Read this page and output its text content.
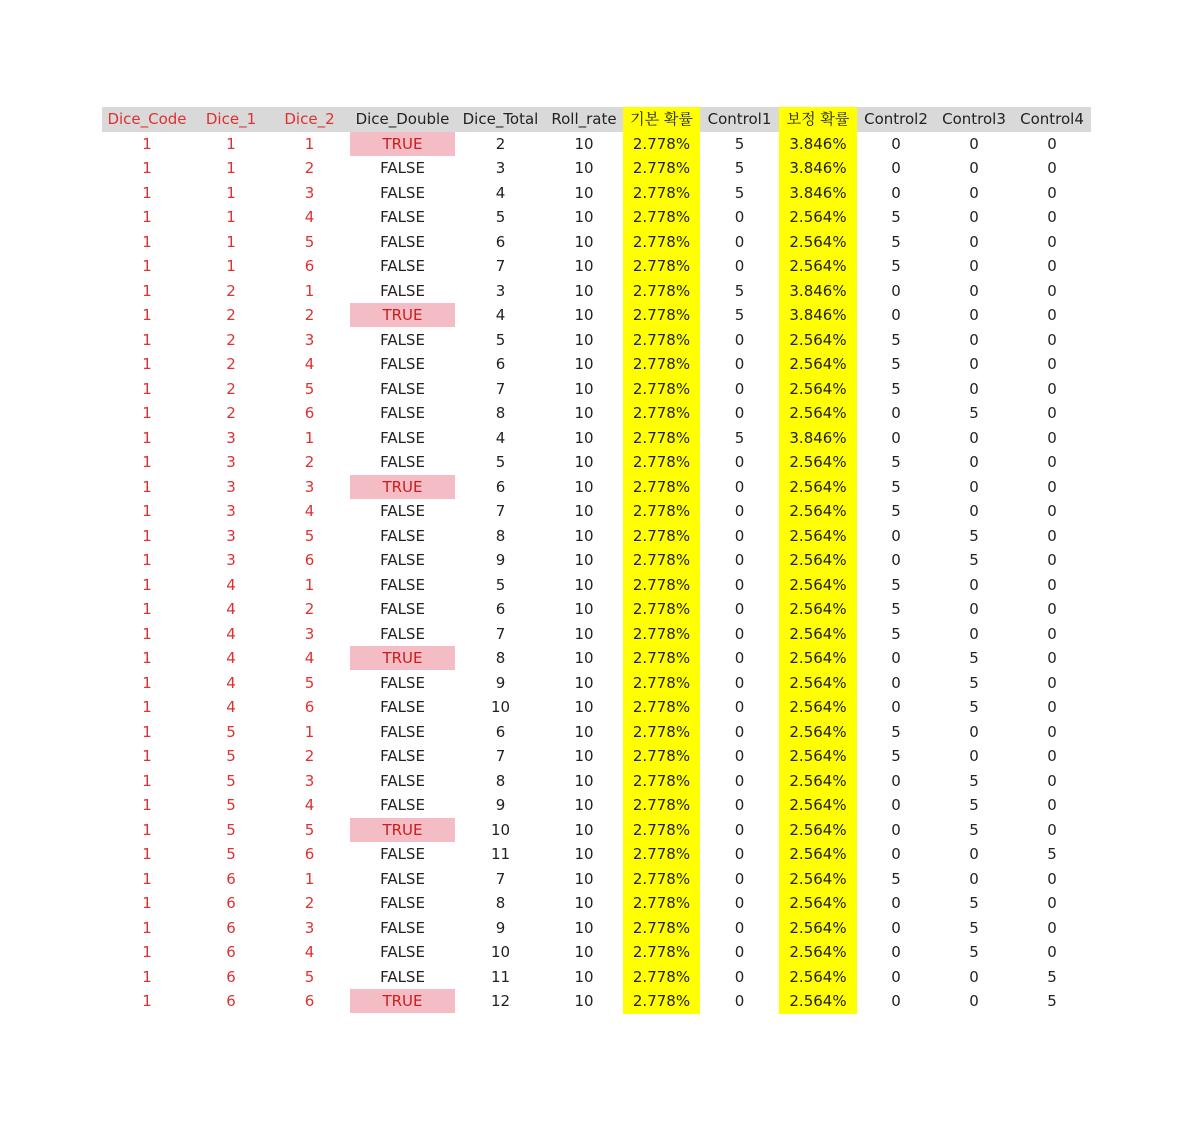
Dice_Code	Dice_1	Dice_2	Dice_Double	Dice_Total	Roll_rate	기본 확률	Control1	보정 확률	Control2	Control3	Control4
1	1	1	TRUE	2	10	2.778%	5	3.846%	0	0	0
1	1	2	FALSE	3	10	2.778%	5	3.846%	0	0	0
1	1	3	FALSE	4	10	2.778%	5	3.846%	0	0	0
1	1	4	FALSE	5	10	2.778%	0	2.564%	5	0	0
1	1	5	FALSE	6	10	2.778%	0	2.564%	5	0	0
1	1	6	FALSE	7	10	2.778%	0	2.564%	5	0	0
1	2	1	FALSE	3	10	2.778%	5	3.846%	0	0	0
1	2	2	TRUE	4	10	2.778%	5	3.846%	0	0	0
1	2	3	FALSE	5	10	2.778%	0	2.564%	5	0	0
1	2	4	FALSE	6	10	2.778%	0	2.564%	5	0	0
1	2	5	FALSE	7	10	2.778%	0	2.564%	5	0	0
1	2	6	FALSE	8	10	2.778%	0	2.564%	0	5	0
1	3	1	FALSE	4	10	2.778%	5	3.846%	0	0	0
1	3	2	FALSE	5	10	2.778%	0	2.564%	5	0	0
1	3	3	TRUE	6	10	2.778%	0	2.564%	5	0	0
1	3	4	FALSE	7	10	2.778%	0	2.564%	5	0	0
1	3	5	FALSE	8	10	2.778%	0	2.564%	0	5	0
1	3	6	FALSE	9	10	2.778%	0	2.564%	0	5	0
1	4	1	FALSE	5	10	2.778%	0	2.564%	5	0	0
1	4	2	FALSE	6	10	2.778%	0	2.564%	5	0	0
1	4	3	FALSE	7	10	2.778%	0	2.564%	5	0	0
1	4	4	TRUE	8	10	2.778%	0	2.564%	0	5	0
1	4	5	FALSE	9	10	2.778%	0	2.564%	0	5	0
1	4	6	FALSE	10	10	2.778%	0	2.564%	0	5	0
1	5	1	FALSE	6	10	2.778%	0	2.564%	5	0	0
1	5	2	FALSE	7	10	2.778%	0	2.564%	5	0	0
1	5	3	FALSE	8	10	2.778%	0	2.564%	0	5	0
1	5	4	FALSE	9	10	2.778%	0	2.564%	0	5	0
1	5	5	TRUE	10	10	2.778%	0	2.564%	0	5	0
1	5	6	FALSE	11	10	2.778%	0	2.564%	0	0	5
1	6	1	FALSE	7	10	2.778%	0	2.564%	5	0	0
1	6	2	FALSE	8	10	2.778%	0	2.564%	0	5	0
1	6	3	FALSE	9	10	2.778%	0	2.564%	0	5	0
1	6	4	FALSE	10	10	2.778%	0	2.564%	0	5	0
1	6	5	FALSE	11	10	2.778%	0	2.564%	0	0	5
1	6	6	TRUE	12	10	2.778%	0	2.564%	0	0	5
